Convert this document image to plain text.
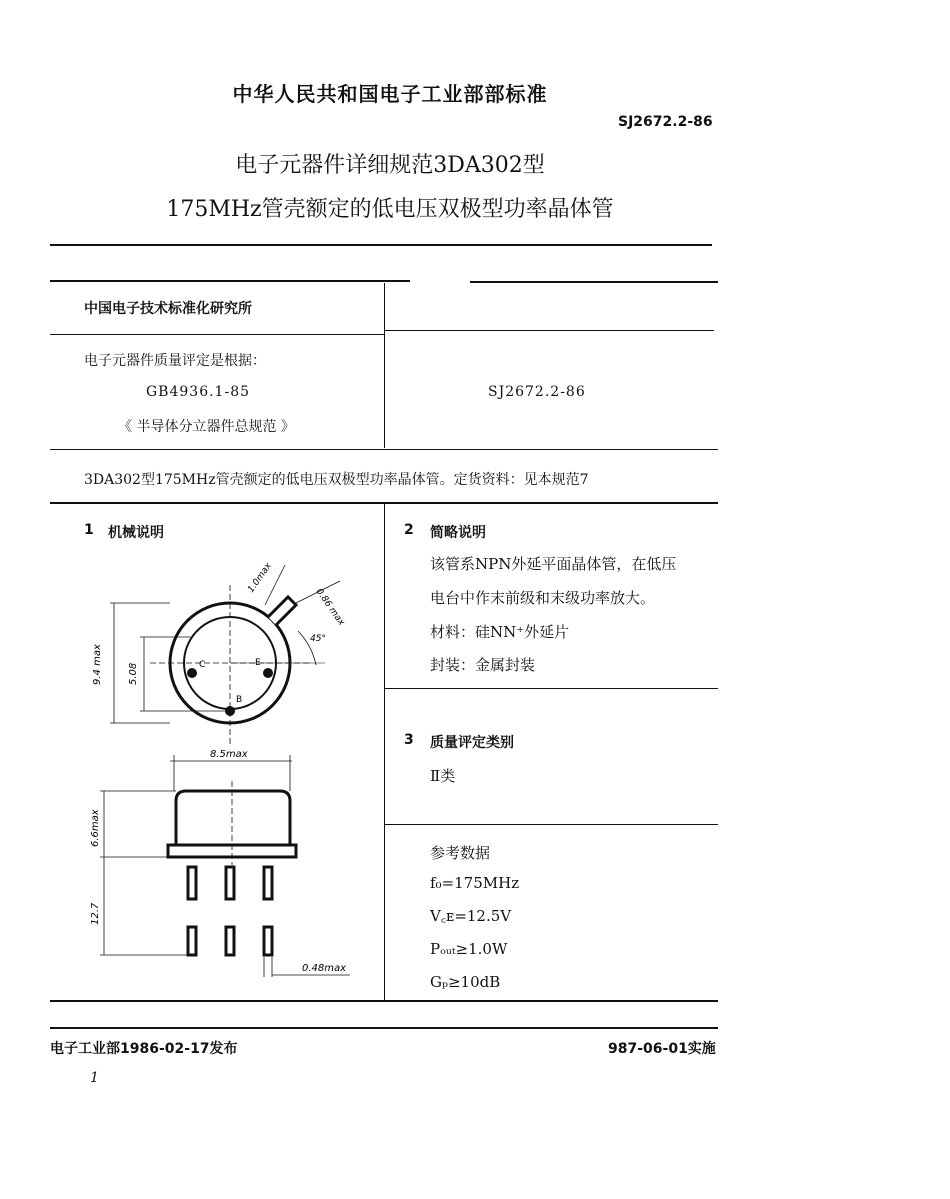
中华人民共和国电子工业部部标准
SJ2672.2-86
电子元器件详细规范3DA302型
175MHz管壳额定的低电压双极型功率晶体管
中国电子技术标准化研究所
电子元器件质量评定是根据：
GB4936.1-85
《 半导体分立器件总规范 》
SJ2672.2-86
3DA302型175MHz管壳额定的低电压双极型功率晶体管。定货资料：见本规范7
1 机械说明
C	E
B
9.4 max	5.08
1.0max
0.86 max
45°
8.5max
6.6max
12.7
0.48max
2 简略说明
该管系NPN外延平面晶体管，在低压
电台中作末前级和末级功率放大。
材料：硅NN⁺外延片
封装：金属封装
3 质量评定类别
Ⅱ类
参考数据
f₀=175MHz
V꜀ᴇ=12.5V
Pₒᵤₜ≥1.0W
Gₚ≥10dB
电子工业部1986-02-17发布	987-06-01实施
1
